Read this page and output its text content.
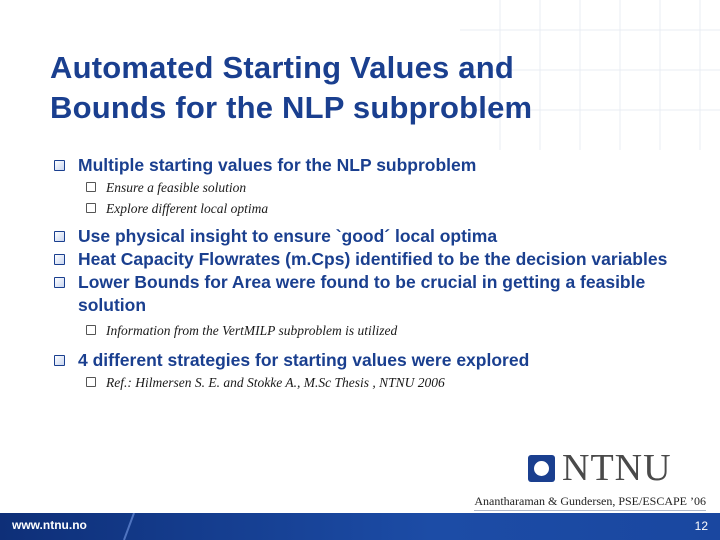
Automated Starting Values and
Bounds for the NLP subproblem
Multiple starting values for the NLP subproblem
Ensure a feasible solution
Explore different local optima
Use physical insight to ensure `good´ local optima
Heat Capacity Flowrates (m.Cps) identified to be the decision variables
Lower Bounds for Area were found to be crucial in getting a feasible solution
Information from the VertMILP subproblem is utilized
4 different strategies for starting values were explored
Ref.: Hilmersen S. E. and Stokke A., M.Sc Thesis , NTNU 2006
NTNU
Anantharaman & Gundersen, PSE/ESCAPE ’06
www.ntnu.no	12
